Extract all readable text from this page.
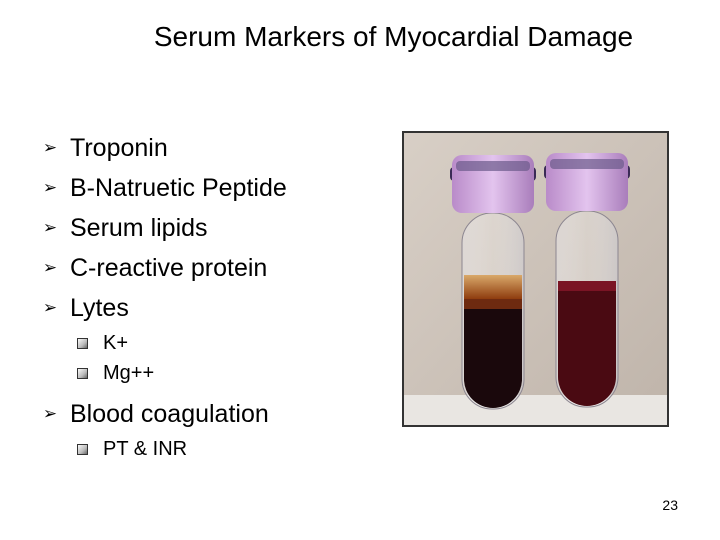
Serum Markers of Myocardial Damage
➢ Troponin
➢ B-Natruetic Peptide
➢ Serum lipids
➢ C-reactive protein
➢ Lytes
K+
Mg++
➢ Blood coagulation
PT & INR
23
